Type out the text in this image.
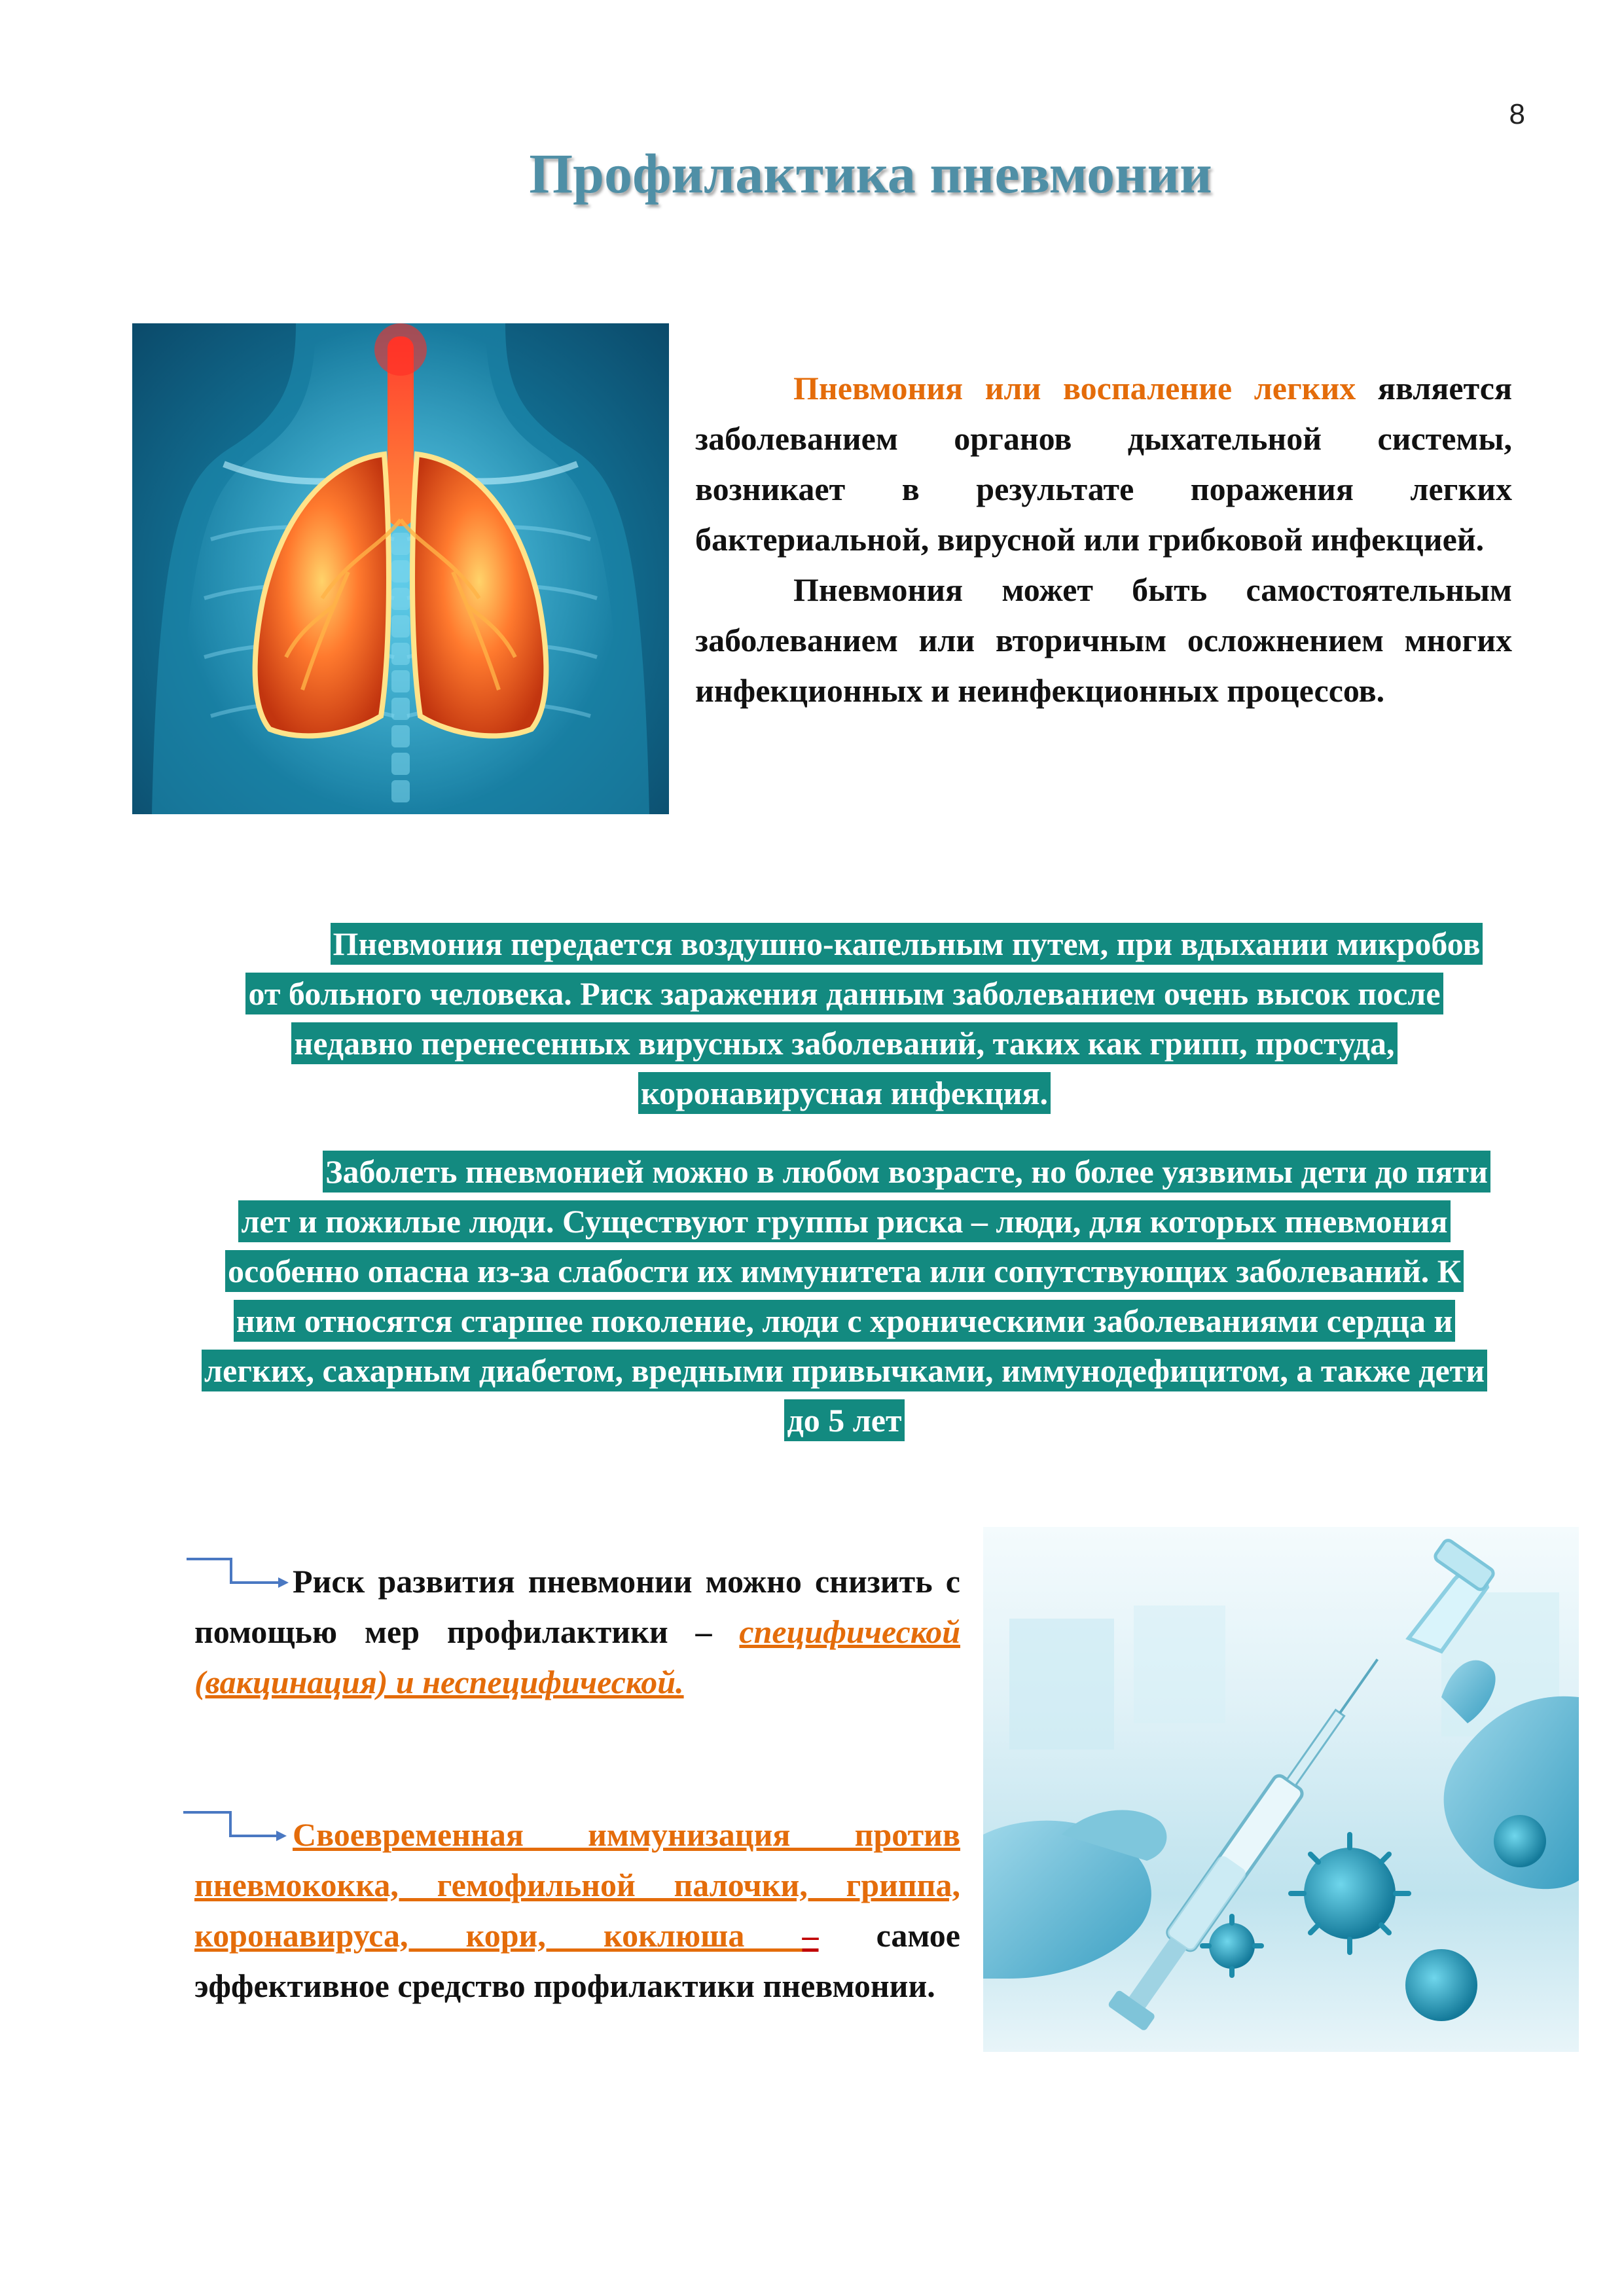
8
Профилактика пневмонии

Пневмония или воспаление легких является заболеванием органов дыхательной системы, возникает в результате поражения легких бактериальной, вирусной или грибковой инфекцией.

Пневмония может быть самостоятельным заболеванием или вторичным осложнением многих инфекционных и неинфекционных процессов.

Пневмония передается воздушно-капельным путем, при вдыхании микробов от больного человека. Риск заражения данным заболеванием очень высок после недавно перенесенных вирусных заболеваний, таких как грипп, простуда, коронавирусная инфекция.

Заболеть пневмонией можно в любом возрасте, но более уязвимы дети до пяти лет и пожилые люди. Существуют группы риска – люди, для которых пневмония особенно опасна из-за слабости их иммунитета или сопутствующих заболеваний. К ним относятся старшее поколение, люди с хроническими заболеваниями сердца и легких, сахарным диабетом, вредными привычками, иммунодефицитом, а также дети до 5 лет

Риск развития пневмонии можно снизить с помощью мер профилактики – специфической (вакцинация) и неспецифической.

Своевременная иммунизация против пневмококка, гемофильной палочки, гриппа, коронавируса, кори, коклюша – самое эффективное средство профилактики пневмонии.
